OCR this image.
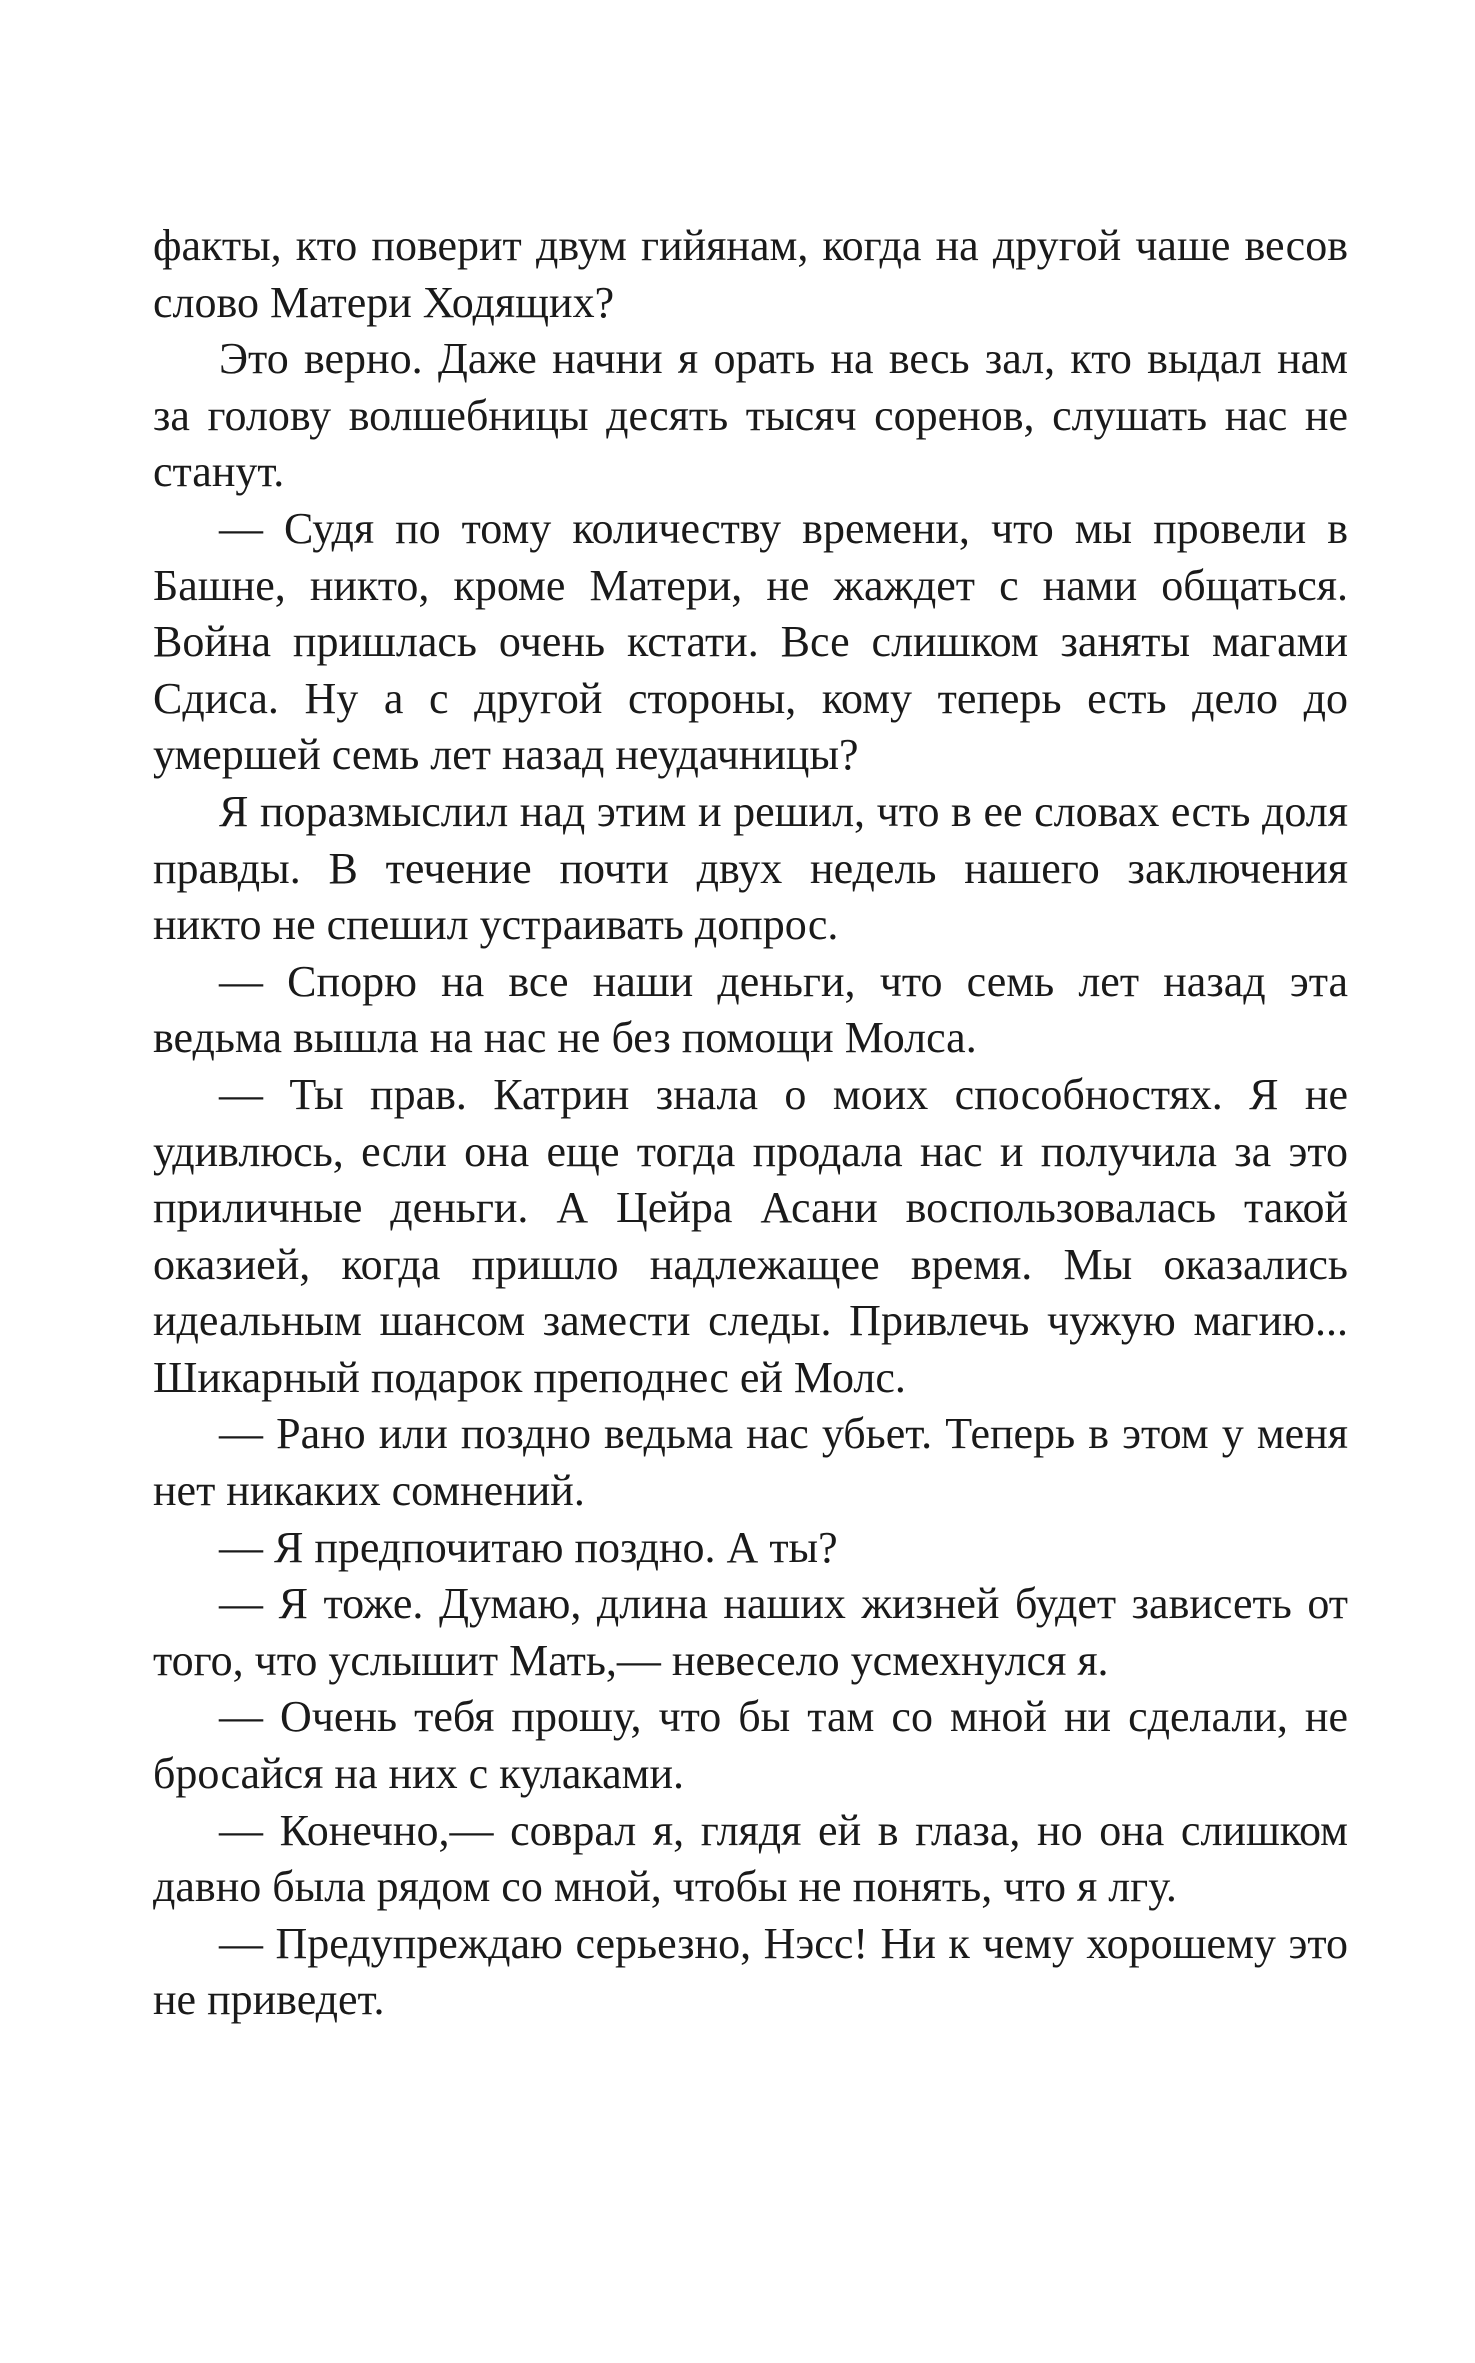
факты, кто поверит двум гийянам, когда на другой чаше весов слово Матери Ходящих?

Это верно. Даже начни я орать на весь зал, кто выдал нам за голову волшебницы десять тысяч соренов, слушать нас не станут.

— Судя по тому количеству времени, что мы провели в Башне, никто, кроме Матери, не жаждет с нами общаться. Война пришлась очень кстати. Все слишком заняты магами Сдиса. Ну а с другой стороны, кому теперь есть дело до умершей семь лет назад неудачницы?

Я поразмыслил над этим и решил, что в ее словах есть доля правды. В течение почти двух недель нашего заключения никто не спешил устраивать допрос.

— Спорю на все наши деньги, что семь лет назад эта ведьма вышла на нас не без помощи Молса.

— Ты прав. Катрин знала о моих способностях. Я не удивлюсь, если она еще тогда продала нас и получила за это приличные деньги. А Цейра Асани воспользовалась такой оказией, когда пришло надлежащее время. Мы оказались идеальным шансом замести следы. Привлечь чужую магию... Шикарный подарок преподнес ей Молс.

— Рано или поздно ведьма нас убьет. Теперь в этом у меня нет никаких сомнений.

— Я предпочитаю поздно. А ты?

— Я тоже. Думаю, длина наших жизней будет зависеть от того, что услышит Мать,— невесело усмехнулся я.

— Очень тебя прошу, что бы там со мной ни сделали, не бросайся на них с кулаками.

— Конечно,— соврал я, глядя ей в глаза, но она слишком давно была рядом со мной, чтобы не понять, что я лгу.

— Предупреждаю серьезно, Нэсс! Ни к чему хорошему это не приведет.
